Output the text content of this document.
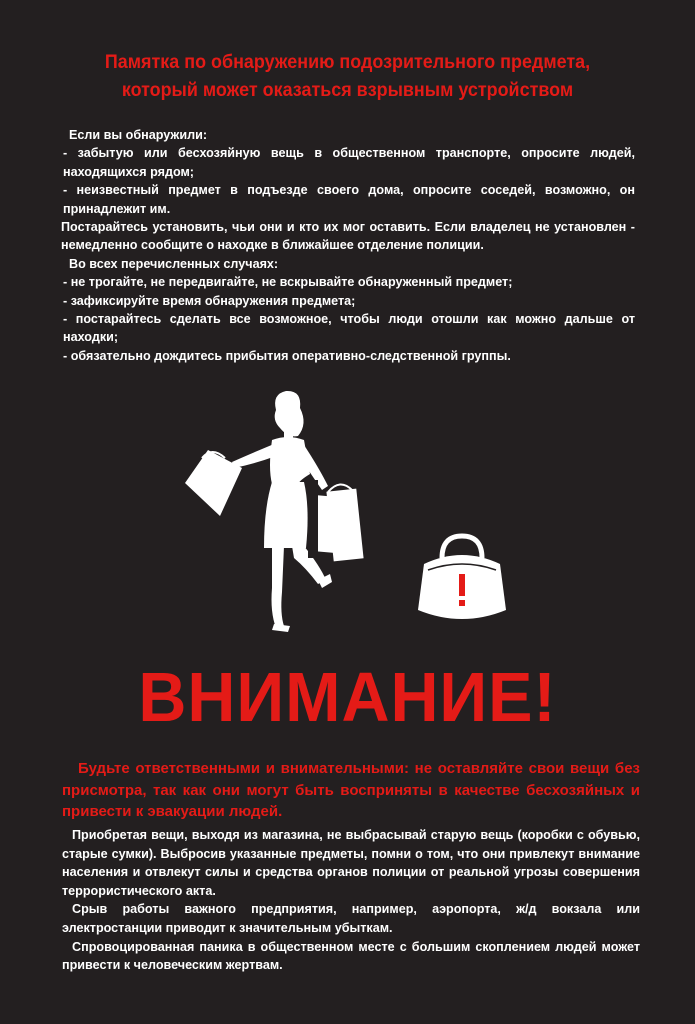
Памятка по обнаружению подозрительного предмета,
который может оказаться взрывным устройством

Если вы обнаружили:

- забытую или бесхозяйную вещь в общественном транспорте, опросите людей, находящихся рядом;

- неизвестный предмет в подъезде своего дома, опросите соседей, возможно, он принадлежит им.

Постарайтесь установить, чьи они и кто их мог оставить. Если владелец не установлен - немедленно сообщите о находке в ближайшее отделение полиции.

Во всех перечисленных случаях:

- не трогайте, не передвигайте, не вскрывайте обнаруженный предмет;

- зафиксируйте время обнаружения предмета;

- постарайтесь сделать все возможное, чтобы люди отошли как можно дальше от находки;

- обязательно дождитесь прибытия оперативно-следственной группы.

ВНИМАНИЕ!

Будьте ответственными и внимательными: не оставляйте свои вещи без присмотра, так как они могут быть восприняты в качестве бесхозяйных и привести к эвакуации людей.

Приобретая вещи, выходя из магазина, не выбрасывай старую вещь (коробки с обувью, старые сумки). Выбросив указанные предметы, помни о том, что они привлекут внимание населения и отвлекут силы и средства органов полиции от реальной угрозы совершения террористического акта.

Срыв работы важного предприятия, например, аэропорта, ж/д вокзала или электростанции приводит к значительным убыткам.

Спровоцированная паника в общественном месте с большим скоплением людей может привести к человеческим жертвам.
